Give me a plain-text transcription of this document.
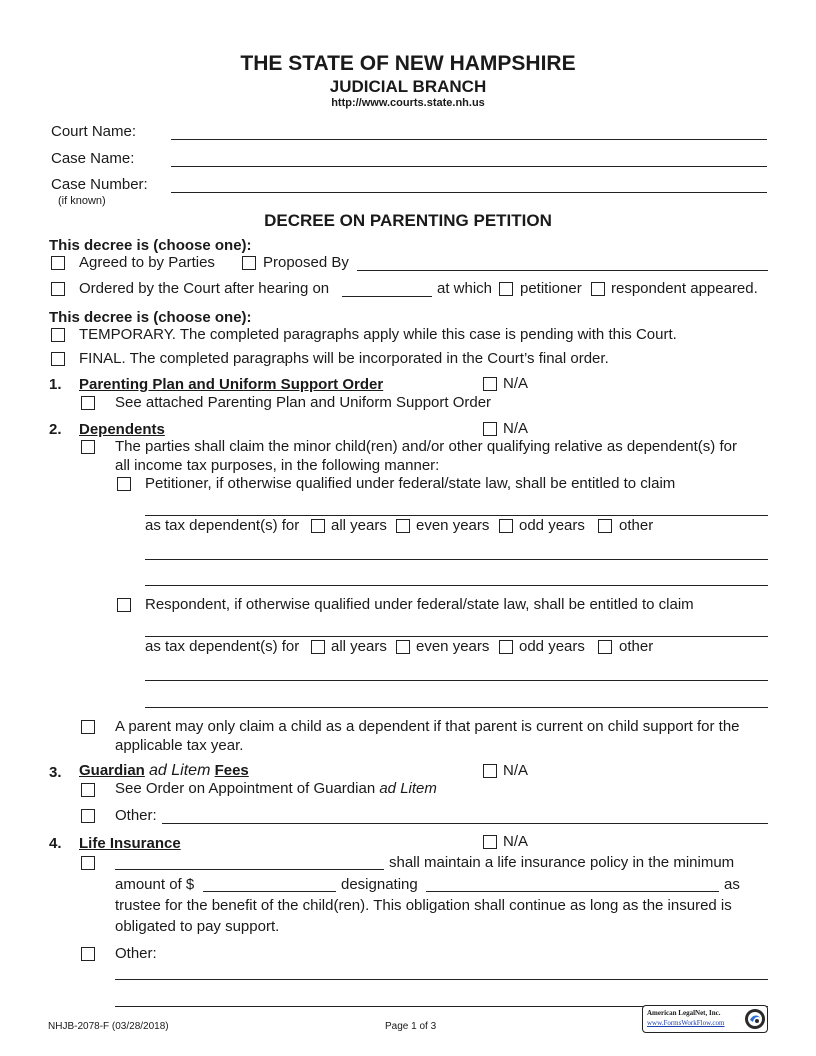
THE STATE OF NEW HAMPSHIRE
JUDICIAL BRANCH
http://www.courts.state.nh.us
Court Name:
Case Name:
Case Number:
(if known)
DECREE ON PARENTING PETITION
This decree is (choose one):
Agreed to by Parties	Proposed By
Ordered by the Court after hearing on	at which petitioner respondent appeared.
This decree is (choose one):
TEMPORARY. The completed paragraphs apply while this case is pending with this Court.
FINAL. The completed paragraphs will be incorporated in the Court’s final order.
1. Parenting Plan and Uniform Support Order	N/A
See attached Parenting Plan and Uniform Support Order
2. Dependents	N/A
The parties shall claim the minor child(ren) and/or other qualifying relative as dependent(s) for
all income tax purposes, in the following manner:
Petitioner, if otherwise qualified under federal/state law, shall be entitled to claim
as tax dependent(s) for all years even years odd years other
Respondent, if otherwise qualified under federal/state law, shall be entitled to claim
as tax dependent(s) for all years even years odd years other
A parent may only claim a child as a dependent if that parent is current on child support for the
applicable tax year.
3. Guardian ad Litem Fees	N/A
See Order on Appointment of Guardian ad Litem
Other:
4. Life Insurance	N/A
shall maintain a life insurance policy in the minimum
amount of $	designating	as
trustee for the benefit of the child(ren). This obligation shall continue as long as the insured is
obligated to pay support.
Other:
NHJB-2078-F (03/28/2018)	Page 1 of 3
American LegalNet, Inc.
www.FormsWorkFlow.com
